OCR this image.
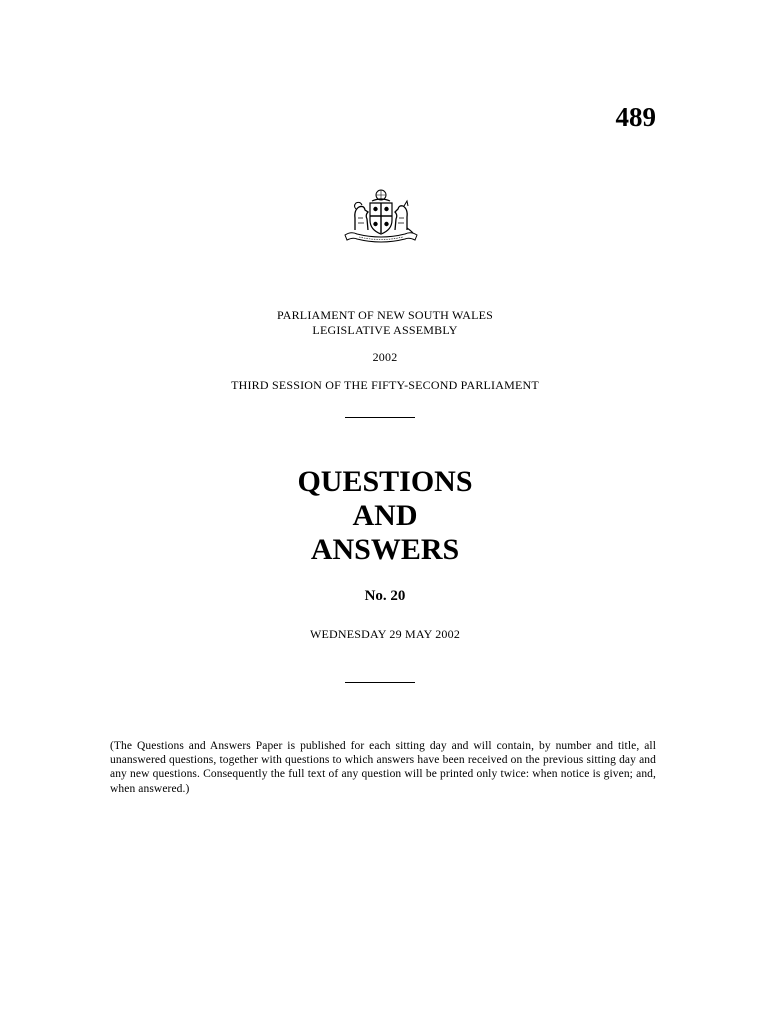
489
PARLIAMENT OF NEW SOUTH WALES
LEGISLATIVE ASSEMBLY
2002
THIRD SESSION OF THE FIFTY-SECOND PARLIAMENT
QUESTIONS
AND
ANSWERS
No. 20
WEDNESDAY 29 MAY 2002
(The Questions and Answers Paper is published for each sitting day and will contain, by number and title, all unanswered questions, together with questions to which answers have been received on the previous sitting day and any new questions. Consequently the full text of any question will be printed only twice: when notice is given; and, when answered.)
